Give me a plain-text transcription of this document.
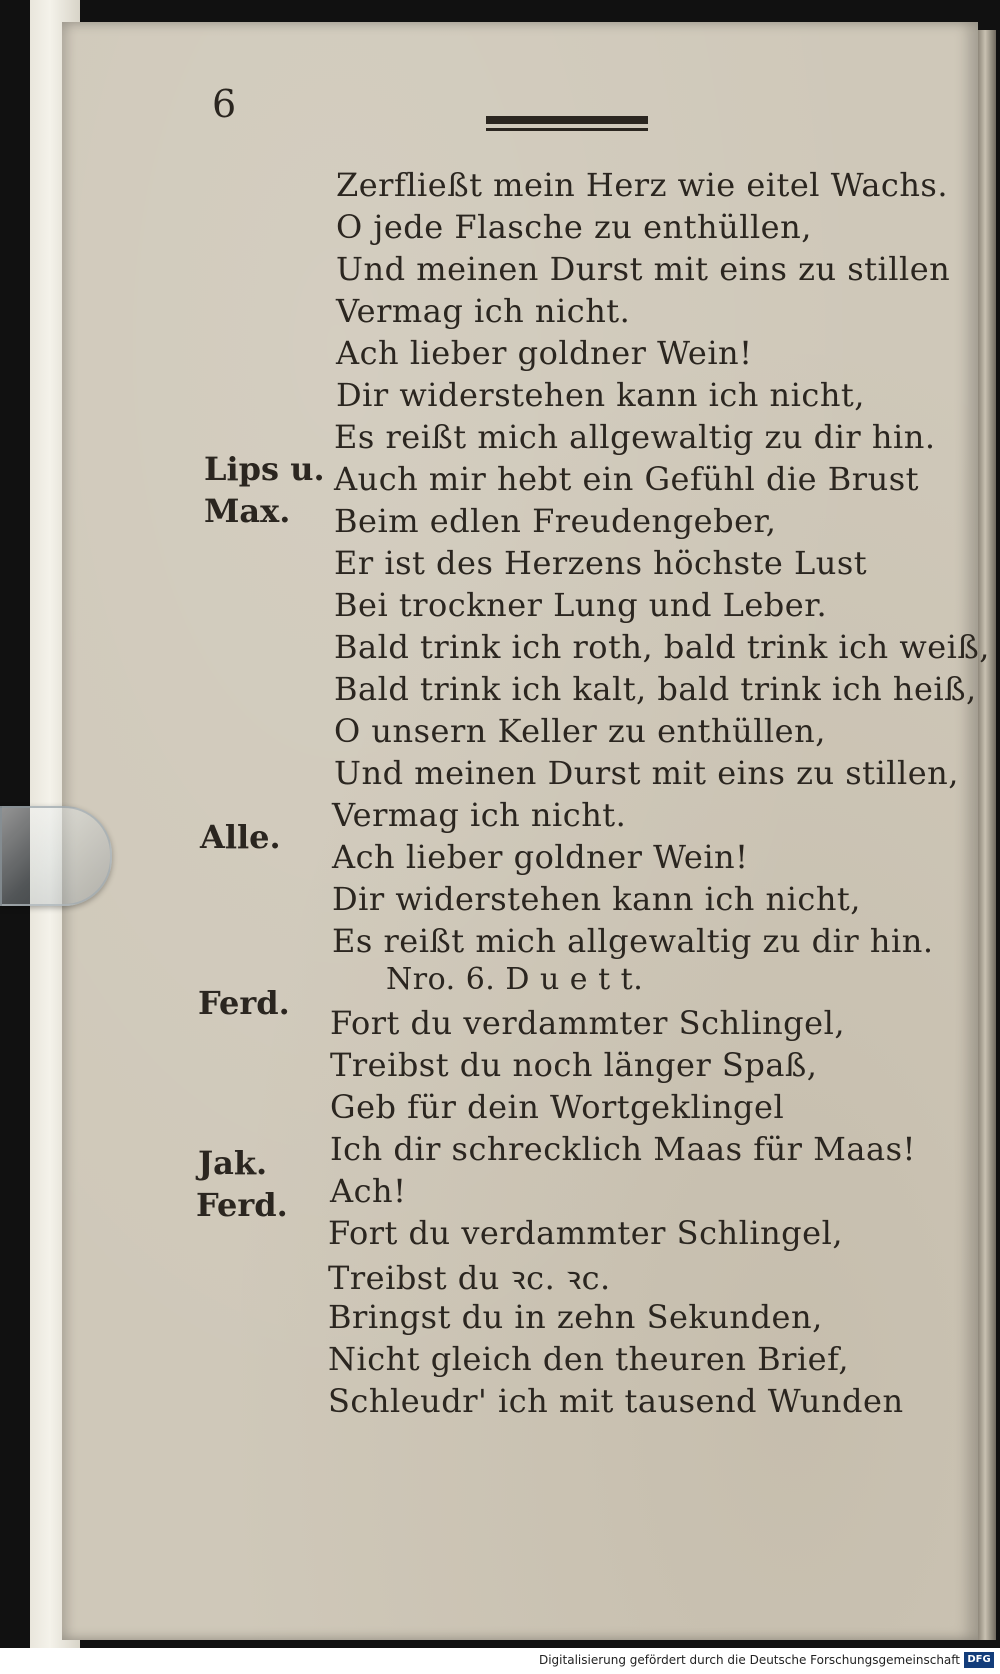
6
Lips u.
Max.
Alle.
Ferd.
Jak.
Ferd.
Zerfließt mein Herz wie eitel Wachs.
O jede Flasche zu enthüllen,
Und meinen Durst mit eins zu stillen
Vermag ich nicht.
Ach lieber goldner Wein!
Dir widerstehen kann ich nicht,
Es reißt mich allgewaltig zu dir hin.
Auch mir hebt ein Gefühl die Brust
Beim edlen Freudengeber,
Er ist des Herzens höchste Lust
Bei trockner Lung und Leber.
Bald trink ich roth, bald trink ich weiß,
Bald trink ich kalt, bald trink ich heiß,
O unsern Keller zu enthüllen,
Und meinen Durst mit eins zu stillen,
Vermag ich nicht.
Ach lieber goldner Wein!
Dir widerstehen kann ich nicht,
Es reißt mich allgewaltig zu dir hin.
Nro. 6. D u e t t.
Fort du verdammter Schlingel,
Treibst du noch länger Spaß,
Geb für dein Wortgeklingel
Ich dir schrecklich Maas für Maas!
Ach!
Fort du verdammter Schlingel,
Treibst du ꝛc. ꝛc.
Bringst du in zehn Sekunden,
Nicht gleich den theuren Brief,
Schleudr' ich mit tausend Wunden
Digitalisierung gefördert durch die Deutsche Forschungsgemeinschaft DFG
